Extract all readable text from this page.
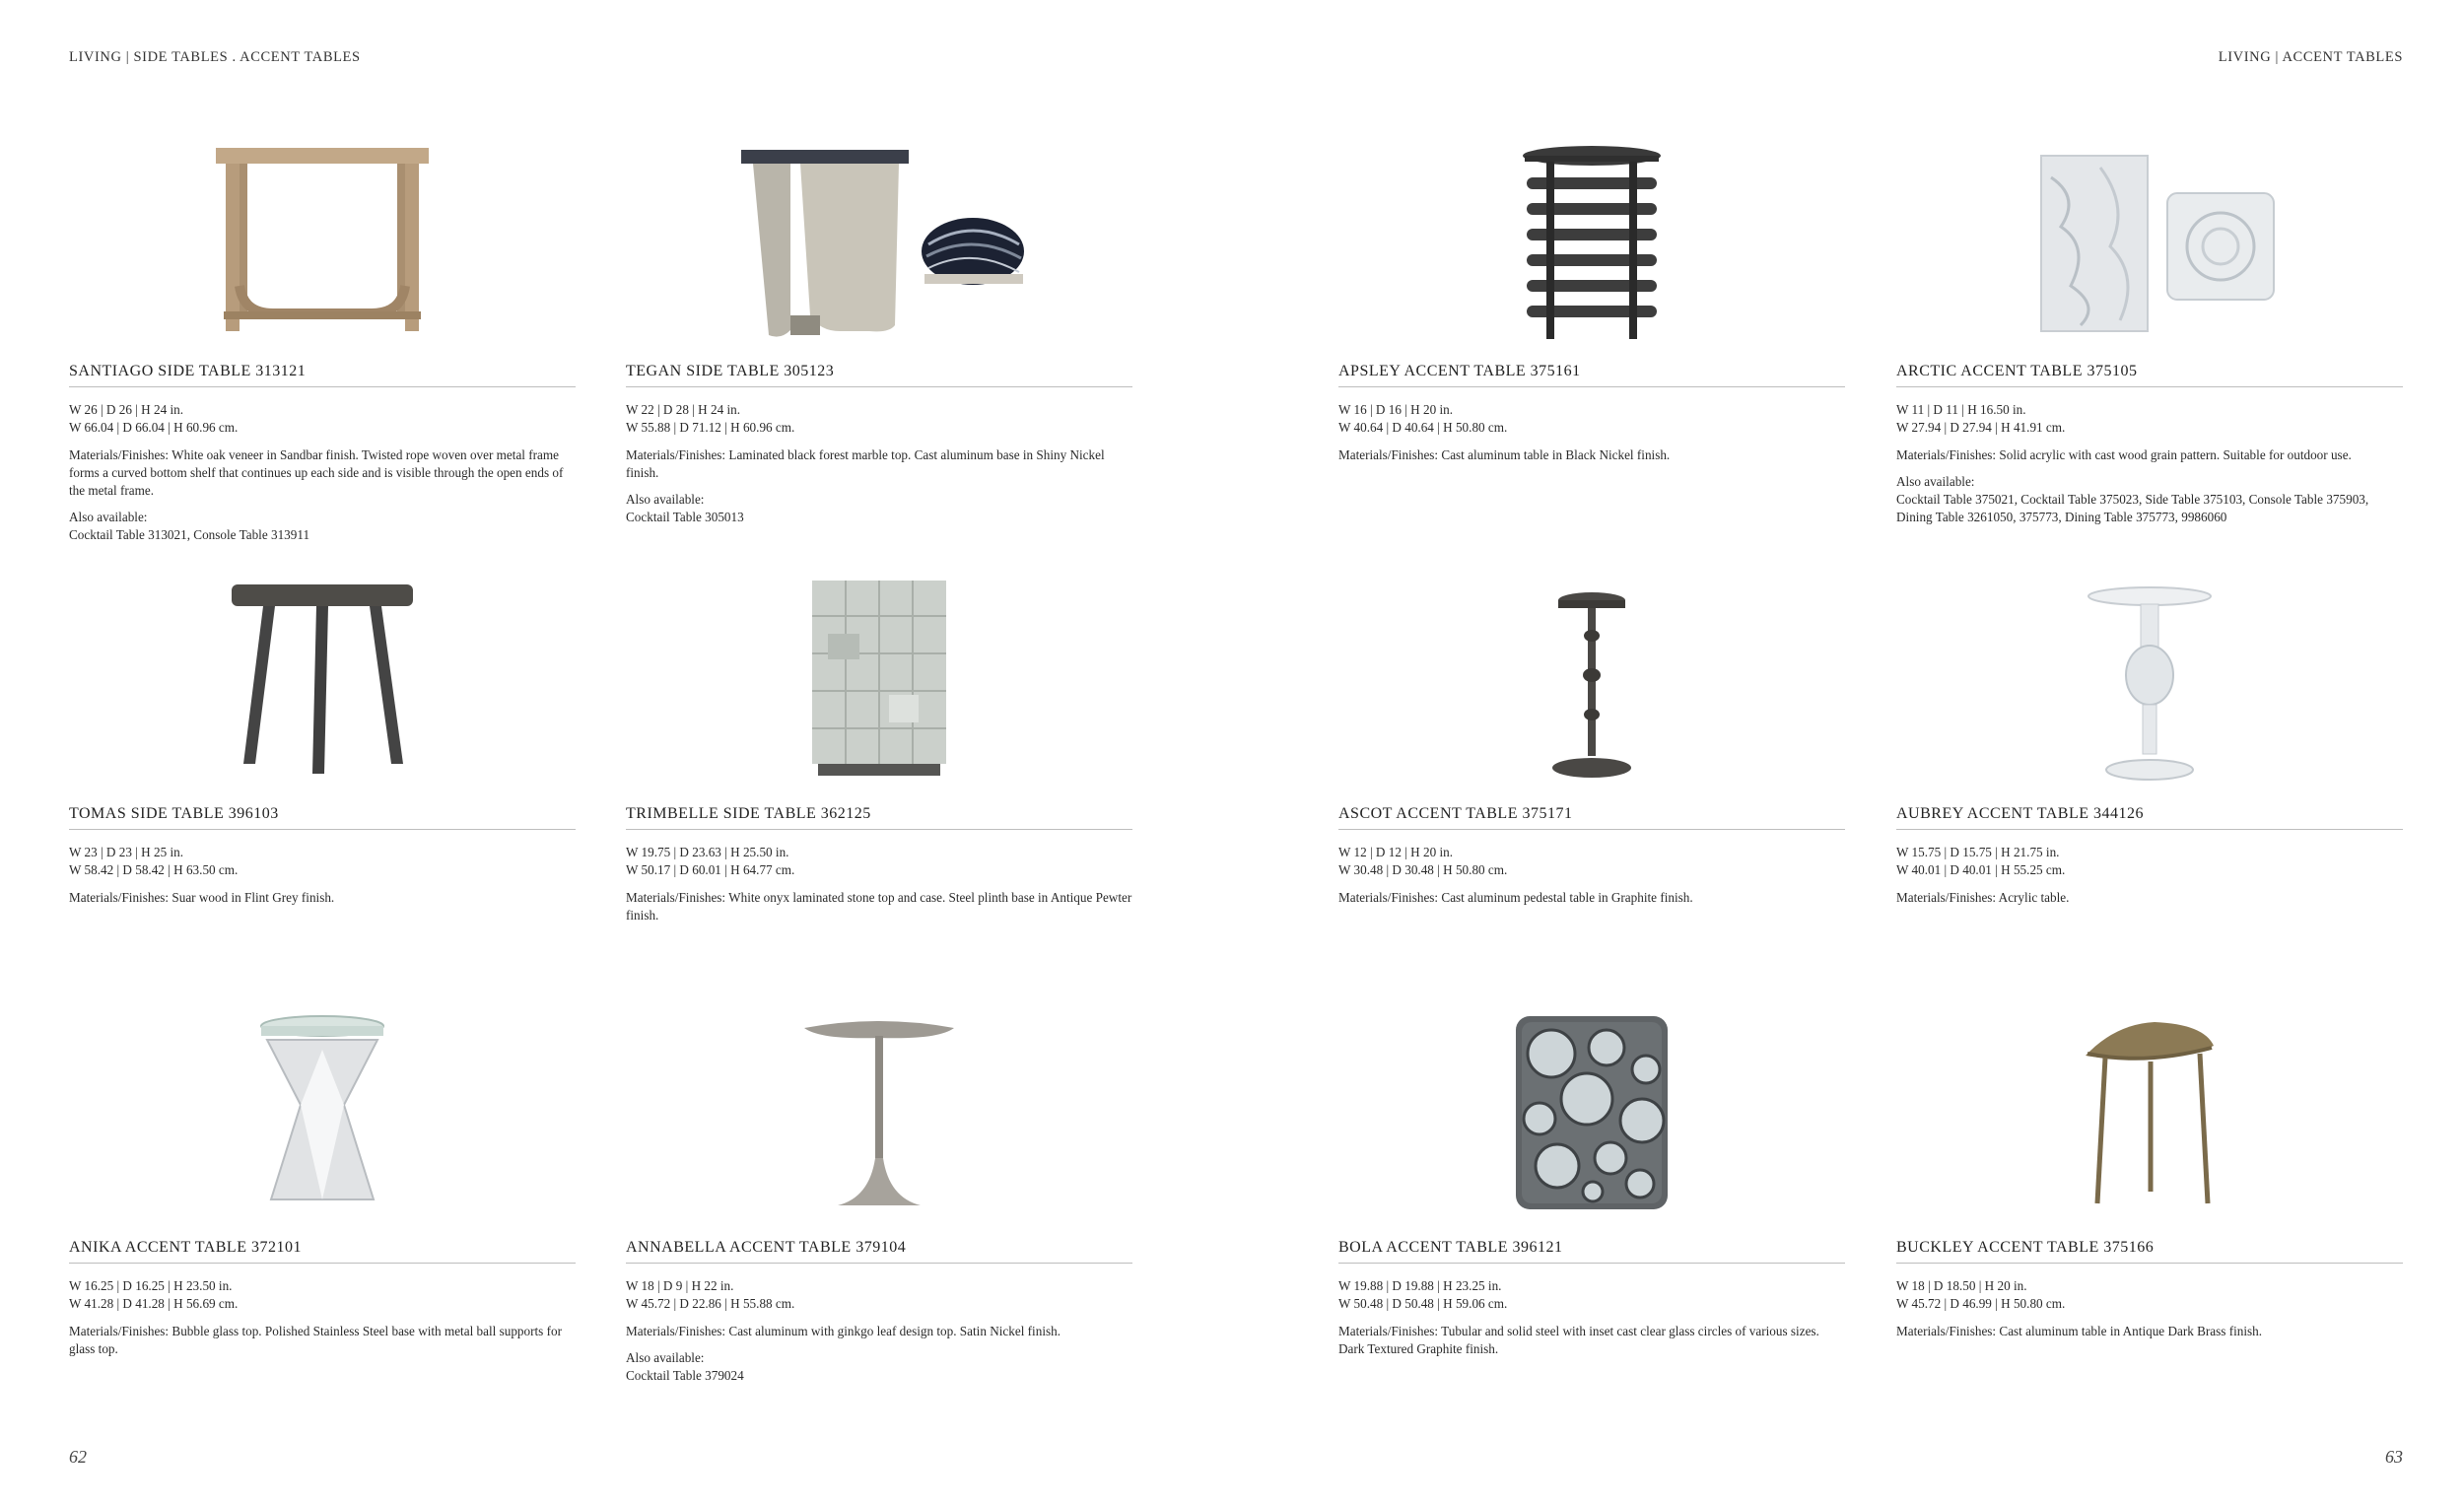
LIVING | SIDE TABLES . ACCENT TABLES	LIVING | ACCENT TABLES
SANTIAGO SIDE TABLE 313121
W 26 | D 26 | H 24 in.
W 66.04 | D 66.04 | H 60.96 cm.
Materials/Finishes: White oak veneer in Sandbar finish. Twisted rope woven over metal frame forms a curved bottom shelf that continues up each side and is visible through the open ends of the metal frame.
Also available:
Cocktail Table 313021, Console Table 313911
TEGAN SIDE TABLE 305123
W 22 | D 28 | H 24 in.
W 55.88 | D 71.12 | H 60.96 cm.
Materials/Finishes: Laminated black forest marble top. Cast aluminum base in Shiny Nickel finish.
Also available:
Cocktail Table 305013
APSLEY ACCENT TABLE 375161
W 16 | D 16 | H 20 in.
W 40.64 | D 40.64 | H 50.80 cm.
Materials/Finishes: Cast aluminum table in Black Nickel finish.
ARCTIC ACCENT TABLE 375105
W 11 | D 11 | H 16.50 in.
W 27.94 | D 27.94 | H 41.91 cm.
Materials/Finishes: Solid acrylic with cast wood grain pattern. Suitable for outdoor use.
Also available:
Cocktail Table 375021, Cocktail Table 375023, Side Table 375103, Console Table 375903, Dining Table 3261050, 375773, Dining Table 375773, 9986060
TOMAS SIDE TABLE 396103
W 23 | D 23 | H 25 in.
W 58.42 | D 58.42 | H 63.50 cm.
Materials/Finishes: Suar wood in Flint Grey finish.
TRIMBELLE SIDE TABLE 362125
W 19.75 | D 23.63 | H 25.50 in.
W 50.17 | D 60.01 | H 64.77 cm.
Materials/Finishes: White onyx laminated stone top and case. Steel plinth base in Antique Pewter finish.
ASCOT ACCENT TABLE 375171
W 12 | D 12 | H 20 in.
W 30.48 | D 30.48 | H 50.80 cm.
Materials/Finishes: Cast aluminum pedestal table in Graphite finish.
AUBREY ACCENT TABLE 344126
W 15.75 | D 15.75 | H 21.75 in.
W 40.01 | D 40.01 | H 55.25 cm.
Materials/Finishes: Acrylic table.
ANIKA ACCENT TABLE 372101
W 16.25 | D 16.25 | H 23.50 in.
W 41.28 | D 41.28 | H 56.69 cm.
Materials/Finishes: Bubble glass top. Polished Stainless Steel base with metal ball supports for glass top.
ANNABELLA ACCENT TABLE 379104
W 18 | D 9 | H 22 in.
W 45.72 | D 22.86 | H 55.88 cm.
Materials/Finishes: Cast aluminum with ginkgo leaf design top. Satin Nickel finish.
Also available:
Cocktail Table 379024
BOLA ACCENT TABLE 396121
W 19.88 | D 19.88 | H 23.25 in.
W 50.48 | D 50.48 | H 59.06 cm.
Materials/Finishes: Tubular and solid steel with inset cast clear glass circles of various sizes. Dark Textured Graphite finish.
BUCKLEY ACCENT TABLE 375166
W 18 | D 18.50 | H 20 in.
W 45.72 | D 46.99 | H 50.80 cm.
Materials/Finishes: Cast aluminum table in Antique Dark Brass finish.
62	63
